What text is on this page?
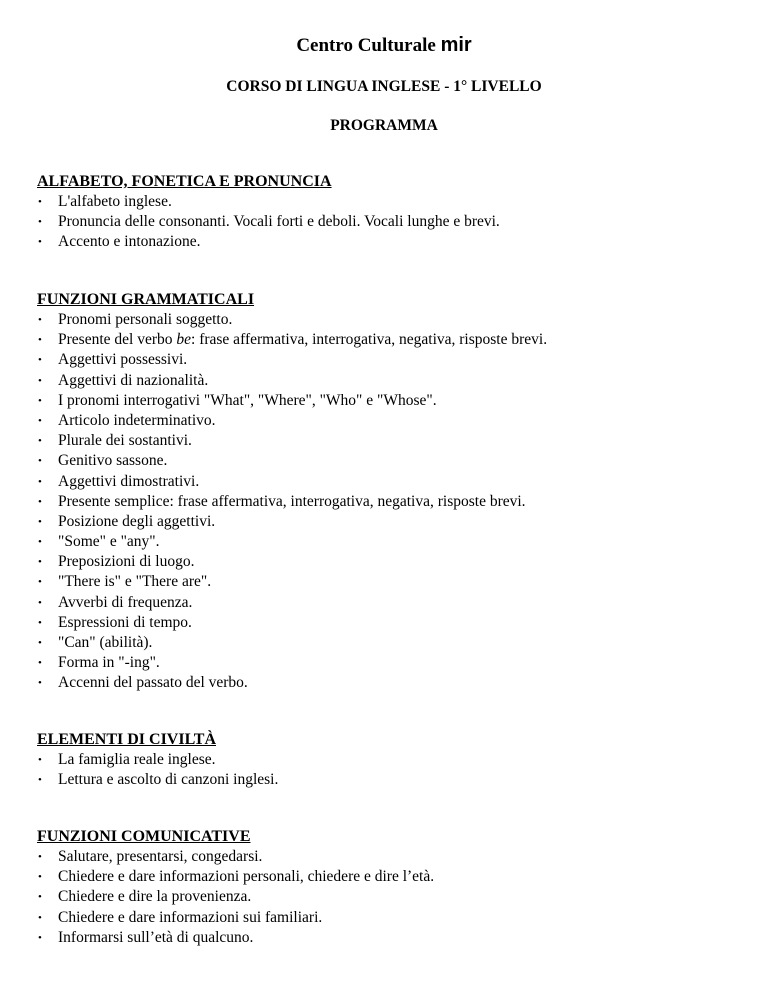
Centro Culturale mir
CORSO DI LINGUA INGLESE - 1° LIVELLO
PROGRAMMA
ALFABETO, FONETICA E PRONUNCIA
• L'alfabeto inglese.
• Pronuncia delle consonanti. Vocali forti e deboli. Vocali lunghe e brevi.
• Accento e intonazione.
FUNZIONI GRAMMATICALI
• Pronomi personali soggetto.
• Presente del verbo be: frase affermativa, interrogativa, negativa, risposte brevi.
• Aggettivi possessivi.
• Aggettivi di nazionalità.
• I pronomi interrogativi "What", "Where", "Who" e "Whose".
• Articolo indeterminativo.
• Plurale dei sostantivi.
• Genitivo sassone.
• Aggettivi dimostrativi.
• Presente semplice: frase affermativa, interrogativa, negativa, risposte brevi.
• Posizione degli aggettivi.
• "Some" e "any".
• Preposizioni di luogo.
• "There is" e "There are".
• Avverbi di frequenza.
• Espressioni di tempo.
• "Can" (abilità).
• Forma in "-ing".
• Accenni del passato del verbo.
ELEMENTI DI CIVILTÀ
• La famiglia reale inglese.
• Lettura e ascolto di canzoni inglesi.
FUNZIONI COMUNICATIVE
• Salutare, presentarsi, congedarsi.
• Chiedere e dare informazioni personali, chiedere e dire l’età.
• Chiedere e dire la provenienza.
• Chiedere e dare informazioni sui familiari.
• Informarsi sull’età di qualcuno.
